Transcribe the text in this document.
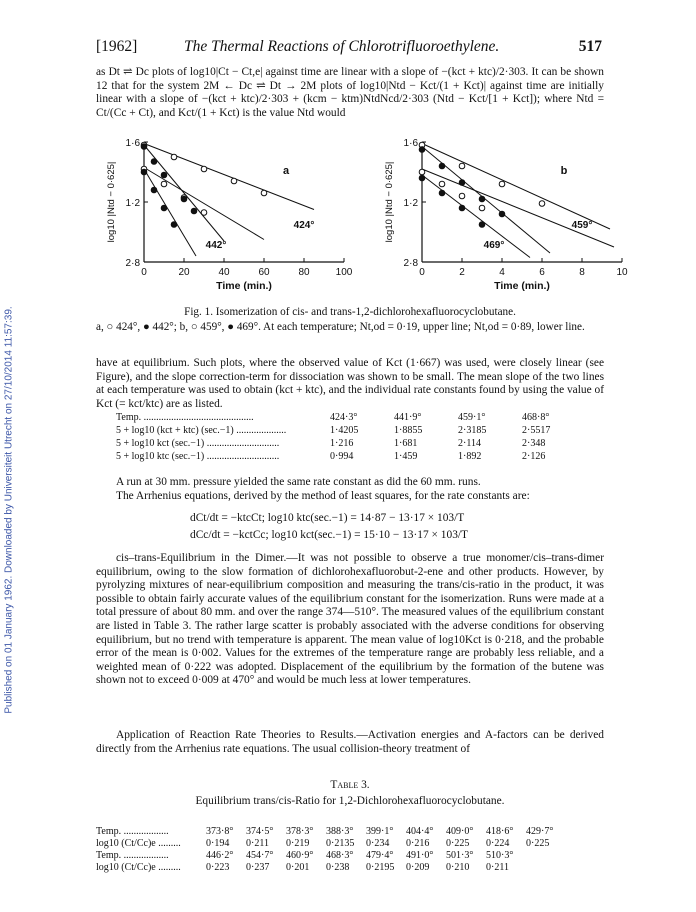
Published on 01 January 1962. Downloaded by Universiteit Utrecht on 27/10/2014 11:57:39.
[1962]	The Thermal Reactions of Chlorotrifluoroethylene.	517
as Dt ⇌ Dc plots of log10|Ct − Ct,e| against time are linear with a slope of −(kct + ktc)/2·303. It can be shown 12 that for the system 2M ← Dc ⇌ Dt → 2M plots of log10|Ntd − Kct/(1 + Kct)| against time are initially linear with a slope of −(kct + ktc)/2·303 + (kcm − ktm)NtdNcd/2·303 (Ntd − Kct/[1 + Kct]); where Ntd = Ct/(Cc + Ct), and Kct/(1 + Kct) is the value Ntd would
0	20	40	60	80	100
1·6
1·2
2·8
Time (min.)
log10 |Ntd − 0·625|	a
424°
442°
0	2	4	6	8	10
1·6
1·2
2·8
Time (min.)
log10 |Ntd − 0·625|	b
459°
469°
Fig. 1. Isomerization of cis- and trans-1,2-dichlorohexafluorocyclobutane.
a, ○ 424°, ● 442°; b, ○ 459°, ● 469°. At each temperature; Nt,od = 0·19, upper line; Nt,od = 0·89, lower line.
have at equilibrium. Such plots, where the observed value of Kct (1·667) was used, were closely linear (see Figure), and the slope correction-term for dissociation was shown to be small. The mean slope of the two lines at each temperature was used to obtain (kct + ktc), and the individual rate constants found by using the value of Kct (= kct/ktc) are as listed.
Temp. ............................................	424·3°	441·9°	459·1°	468·8°
5 + log10 (kct + ktc) (sec.−1) ....................	1·4205	1·8855	2·3185	2·5517
5 + log10 kct (sec.−1) .............................	1·216	1·681	2·114	2·348
5 + log10 ktc (sec.−1) .............................	0·994	1·459	1·892	2·126
A run at 30 mm. pressure yielded the same rate constant as did the 60 mm. runs.
The Arrhenius equations, derived by the method of least squares, for the rate constants are:
dCt/dt = −ktcCt; log10 ktc(sec.−1) = 14·87 − 13·17 × 103/T
dCc/dt = −kctCc; log10 kct(sec.−1) = 15·10 − 13·17 × 103/T
cis–trans-Equilibrium in the Dimer.—It was not possible to observe a true monomer/cis–trans-dimer equilibrium, owing to the slow formation of dichlorohexafluorobut-2-ene and other products. However, by pyrolyzing mixtures of near-equilibrium composition and measuring the trans/cis-ratio in the product, it was possible to obtain fairly accurate values of the equilibrium constant for the isomerization. Runs were made at a total pressure of about 80 mm. and over the range 374—510°. The measured values of the equilibrium constant are listed in Table 3. The rather large scatter is probably associated with the adverse conditions for observing equilibrium, but no trend with temperature is apparent. The mean value of log10Kct is 0·218, and the probable error of the mean is 0·002. Values for the extremes of the temperature range are probably less reliable, and a weighted mean of 0·222 was adopted. Displacement of the equilibrium by the formation of the butene was shown not to exceed 0·009 at 470° and would be much less at lower temperatures.
Application of Reaction Rate Theories to Results.—Activation energies and A-factors can be derived directly from the Arrhenius rate equations. The usual collision-theory treatment of
Table 3.
Equilibrium trans/cis-Ratio for 1,2-Dichlorohexafluorocyclobutane.
Temp. ..................	373·8°	374·5°	378·3°	388·3°	399·1°	404·4°	409·0°	418·6°	429·7°
log10 (Ct/Cc)e .........	0·194	0·211	0·219	0·2135	0·234	0·216	0·225	0·224	0·225
Temp. ..................	446·2°	454·7°	460·9°	468·3°	479·4°	491·0°	501·3°	510·3°	
log10 (Ct/Cc)e .........	0·223	0·237	0·201	0·238	0·2195	0·209	0·210	0·211	
